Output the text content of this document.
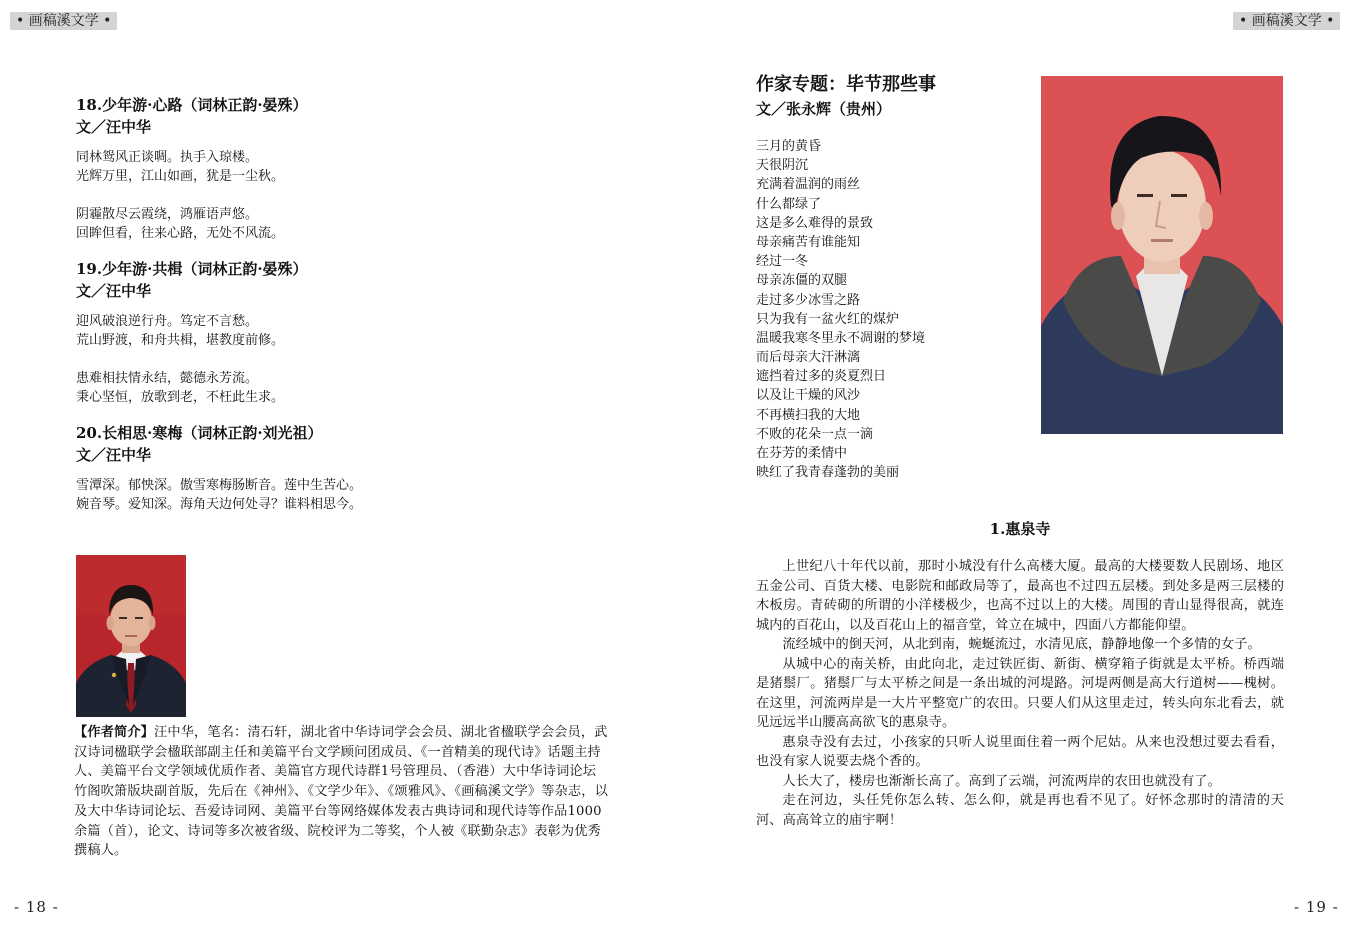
• 画稿溪文学 •	• 画稿溪文学 •

18.少年游·心路（词林正韵·晏殊）

文／汪中华

同林鸳风正谈啁。执手入琼楼。
光辉万里，江山如画，犹是一尘秋。
阴霾散尽云霞绕，鸿雁语声悠。
回眸但看，往来心路，无处不风流。

19.少年游·共楫（词林正韵·晏殊）

文／汪中华

迎风破浪逆行舟。笃定不言愁。
荒山野渡，和舟共楫，堪教度前修。
患难相扶情永结，懿德永芳流。
秉心坚恒，放歌到老，不枉此生求。

20.长相思·寒梅（词林正韵·刘光祖）

文／汪中华

雪潭深。郁怏深。傲雪寒梅肠断音。莲中生苦心。
婉音琴。爱知深。海角天边何处寻？谁料相思今。
【作者简介】汪中华，笔名：清石轩，湖北省中华诗词学会会员、湖北省楹联学会会员，武汉诗词楹联学会楹联部副主任和美篇平台文学顾问团成员、《一首精美的现代诗》话题主持人、美篇平台文学领域优质作者、美篇官方现代诗群1号管理员、（香港）大中华诗词论坛竹阁吹箫版块副首版，先后在《神州》、《文学少年》、《颂雅风》、《画稿溪文学》等杂志，以及大中华诗词论坛、吾爱诗词网、美篇平台等网络媒体发表古典诗词和现代诗等作品1000余篇（首），论文、诗词等多次被省级、院校评为二等奖，个人被《联勤杂志》表彰为优秀撰稿人。
- 18 -

作家专题：毕节那些事

文／张永辉（贵州）

三月的黄昏
天很阴沉
充满着温润的雨丝
什么都绿了
这是多么难得的景致
母亲痛苦有谁能知
经过一冬
母亲冻僵的双腿
走过多少冰雪之路
只为我有一盆火红的煤炉
温暖我寒冬里永不凋谢的梦境
而后母亲大汗淋漓
遮挡着过多的炎夏烈日
以及让干燥的风沙
不再横扫我的大地
不败的花朵一点一滴
在芬芳的柔情中
映红了我青春蓬勃的美丽

1.惠泉寺

上世纪八十年代以前，那时小城没有什么高楼大厦。最高的大楼要数人民剧场、地区五金公司、百货大楼、电影院和邮政局等了，最高也不过四五层楼。到处多是两三层楼的木板房。青砖砌的所谓的小洋楼极少，也高不过以上的大楼。周围的青山显得很高，就连城内的百花山，以及百花山上的福音堂，耸立在城中，四面八方都能仰望。

流经城中的倒天河，从北到南，蜿蜒流过，水清见底，静静地像一个多情的女子。

从城中心的南关桥，由此向北，走过铁匠街、新街、横穿箱子街就是太平桥。桥西端是猪鬃厂。猪鬃厂与太平桥之间是一条出城的河堤路。河堤两侧是高大行道树——槐树。在这里，河流两岸是一大片平整宽广的农田。只要人们从这里走过，转头向东北看去，就见远远半山腰高高欲飞的惠泉寺。

惠泉寺没有去过，小孩家的只听人说里面住着一两个尼姑。从来也没想过要去看看，也没有家人说要去烧个香的。

人长大了，楼房也渐渐长高了。高到了云端，河流两岸的农田也就没有了。

走在河边，头任凭你怎么转、怎么仰，就是再也看不见了。好怀念那时的清清的天河、高高耸立的庙宇啊！

- 19 -
